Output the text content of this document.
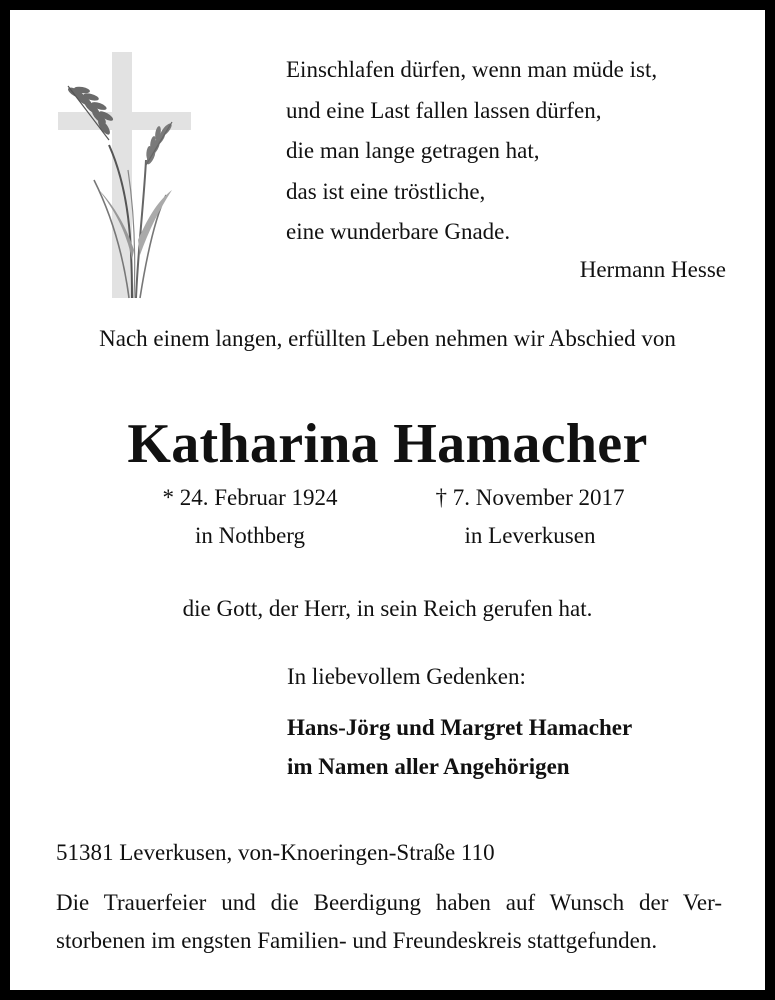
Einschlafen dürfen, wenn man müde ist,
und eine Last fallen lassen dürfen,
die man lange getragen hat,
das ist eine tröstliche,
eine wunderbare Gnade.
Hermann Hesse
Nach einem langen, erfüllten Leben nehmen wir Abschied von
Katharina Hamacher
* 24. Februar 1924
in Nothberg
† 7. November 2017
in Leverkusen
die Gott, der Herr, in sein Reich gerufen hat.
In liebevollem Gedenken:
Hans-Jörg und Margret Hamacher
im Namen aller Angehörigen
51381 Leverkusen, von-Knoeringen-Straße 110
Die Trauerfeier und die Beerdigung haben auf Wunsch der Ver-
storbenen im engsten Familien- und Freundeskreis stattgefunden.
